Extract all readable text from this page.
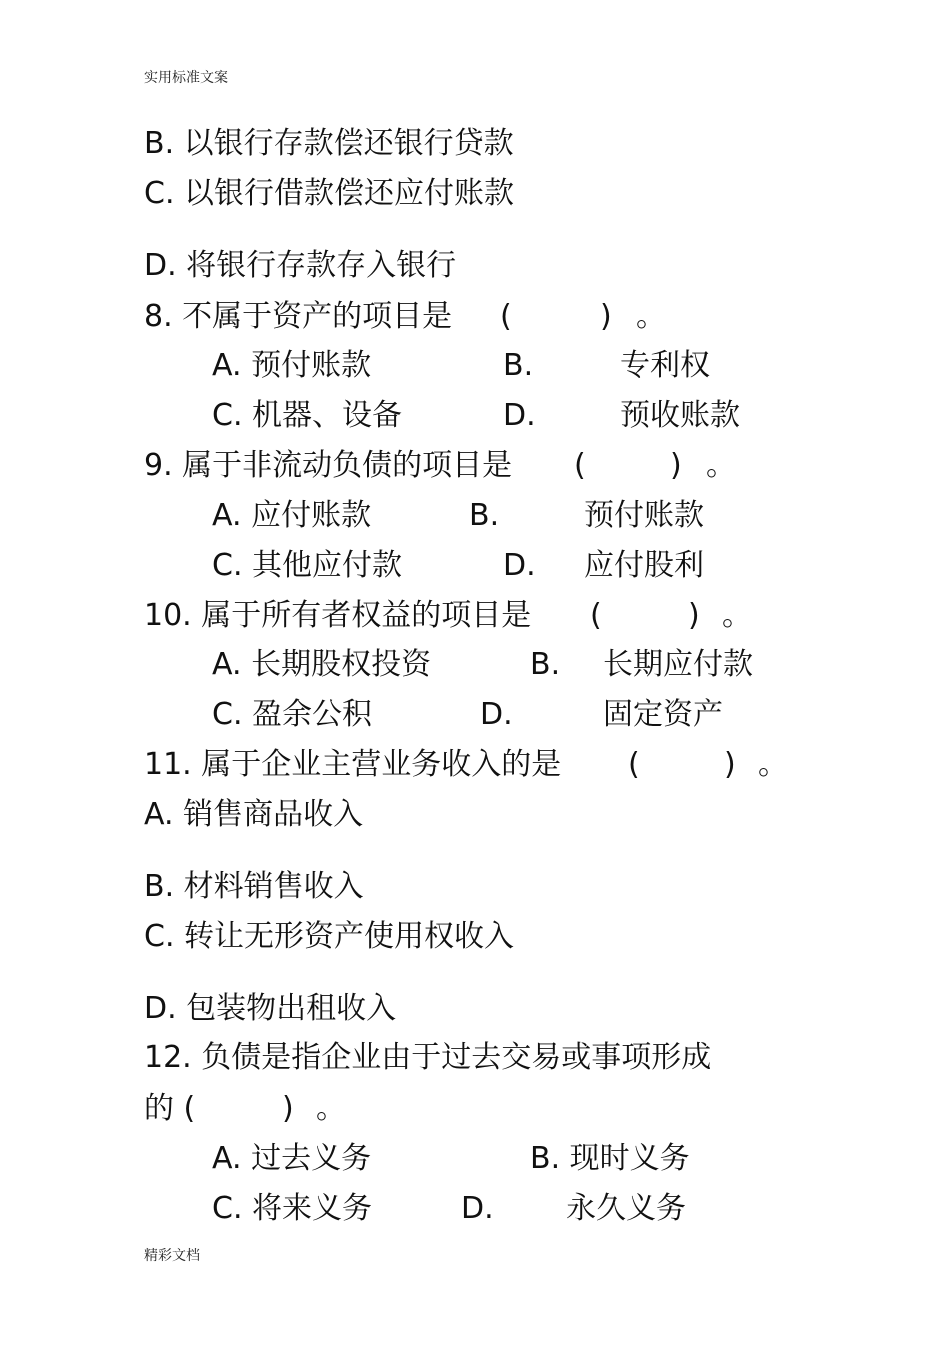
实用标准文案
B. 以银行存款偿还银行贷款
C. 以银行借款偿还应付账款
D. 将银行存款存入银行
8. 不属于资产的项目是 (	) 。
A. 预付账款	B.	专利权
C. 机器、设备	D.	预收账款
9. 属于非流动负债的项目是 (	) 。
A. 应付账款	B.	预付账款
C. 其他应付款	D. 应付股利
10. 属于所有者权益的项目是 (	) 。
A. 长期股权投资	B. 长期应付款
C. 盈余公积	D.	固定资产
11. 属于企业主营业务收入的是 (	) 。
A. 销售商品收入
B. 材料销售收入
C. 转让无形资产使用权收入
D. 包装物出租收入
12. 负债是指企业由于过去交易或事项形成
的 (	) 。
A. 过去义务	B. 现时义务
C. 将来义务	D. 永久义务
精彩文档
